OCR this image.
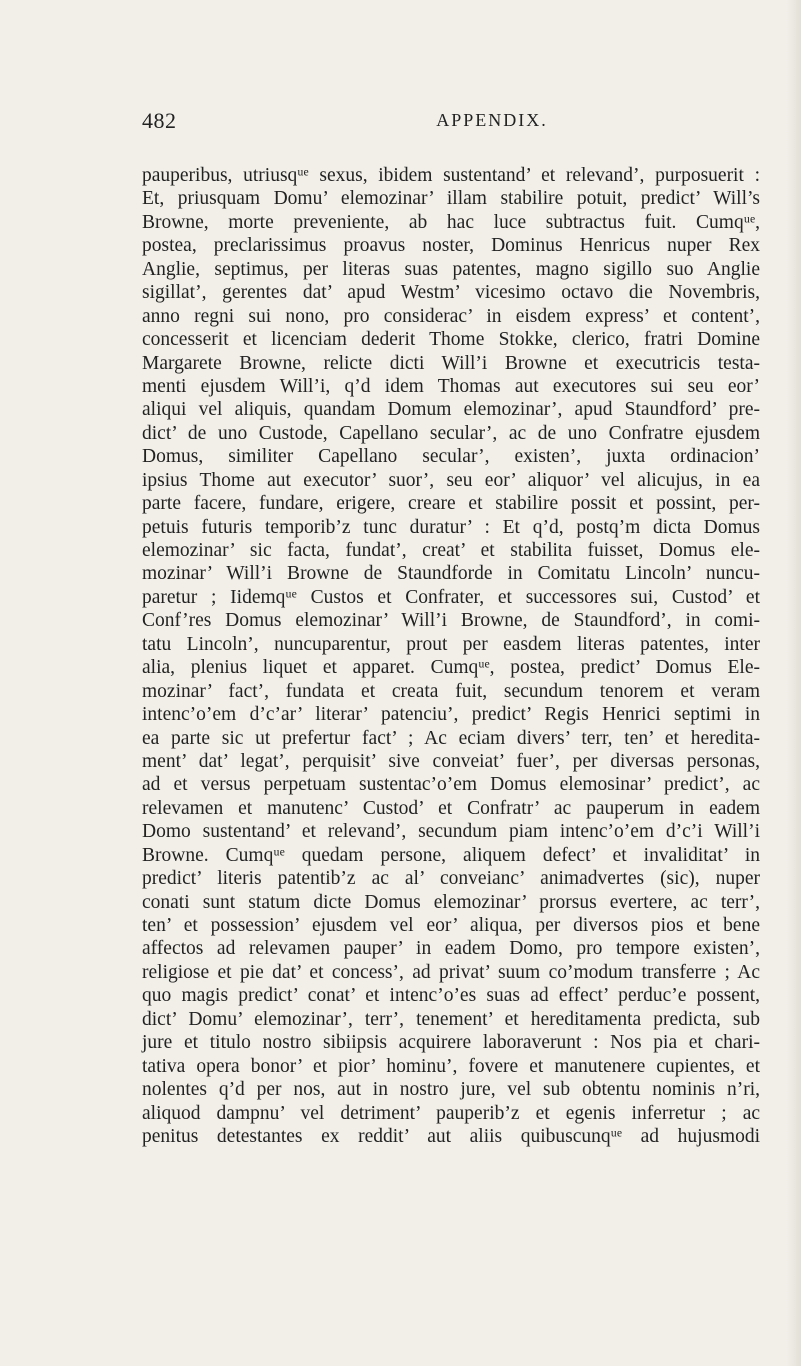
482	APPENDIX.
pauperibus, utriusqᵘᵉ sexus, ibidem sustentand’ et relevand’, purposuerit :
Et, priusquam Domu’ elemozinar’ illam stabilire potuit, predict’ Will’s
Browne, morte preveniente, ab hac luce subtractus fuit. Cumqᵘᵉ,
postea, preclarissimus proavus noster, Dominus Henricus nuper Rex
Anglie, septimus, per literas suas patentes, magno sigillo suo Anglie
sigillat’, gerentes dat’ apud Westm’ vicesimo octavo die Novembris,
anno regni sui nono, pro considerac’ in eisdem express’ et content’,
concesserit et licenciam dederit Thome Stokke, clerico, fratri Domine
Margarete Browne, relicte dicti Will’i Browne et executricis testa-
menti ejusdem Will’i, q’d idem Thomas aut executores sui seu eor’
aliqui vel aliquis, quandam Domum elemozinar’, apud Staundford’ pre-
dict’ de uno Custode, Capellano secular’, ac de uno Confratre ejusdem
Domus, similiter Capellano secular’, existen’, juxta ordinacion’
ipsius Thome aut executor’ suor’, seu eor’ aliquor’ vel alicujus, in ea
parte facere, fundare, erigere, creare et stabilire possit et possint, per-
petuis futuris temporib’z tunc duratur’ : Et q’d, postq’m dicta Domus
elemozinar’ sic facta, fundat’, creat’ et stabilita fuisset, Domus ele-
mozinar’ Will’i Browne de Staundforde in Comitatu Lincoln’ nuncu-
paretur ; Iidemqᵘᵉ Custos et Confrater, et successores sui, Custod’ et
Conf’res Domus elemozinar’ Will’i Browne, de Staundford’, in comi-
tatu Lincoln’, nuncuparentur, prout per easdem literas patentes, inter
alia, plenius liquet et apparet. Cumqᵘᵉ, postea, predict’ Domus Ele-
mozinar’ fact’, fundata et creata fuit, secundum tenorem et veram
intenc’o’em d’c’ar’ literar’ patenciu’, predict’ Regis Henrici septimi in
ea parte sic ut prefertur fact’ ; Ac eciam divers’ terr, ten’ et heredita-
ment’ dat’ legat’, perquisit’ sive conveiat’ fuer’, per diversas personas,
ad et versus perpetuam sustentac’o’em Domus elemosinar’ predict’, ac
relevamen et manutenc’ Custod’ et Confratr’ ac pauperum in eadem
Domo sustentand’ et relevand’, secundum piam intenc’o’em d’c’i Will’i
Browne. Cumqᵘᵉ quedam persone, aliquem defect’ et invaliditat’ in
predict’ literis patentib’z ac al’ conveianc’ animadvertes (sic), nuper
conati sunt statum dicte Domus elemozinar’ prorsus evertere, ac terr’,
ten’ et possession’ ejusdem vel eor’ aliqua, per diversos pios et bene
affectos ad relevamen pauper’ in eadem Domo, pro tempore existen’,
religiose et pie dat’ et concess’, ad privat’ suum co’modum transferre ; Ac
quo magis predict’ conat’ et intenc’o’es suas ad effect’ perduc’e possent,
dict’ Domu’ elemozinar’, terr’, tenement’ et hereditamenta predicta, sub
jure et titulo nostro sibiipsis acquirere laboraverunt : Nos pia et chari-
tativa opera bonor’ et pior’ hominu’, fovere et manutenere cupientes, et
nolentes q’d per nos, aut in nostro jure, vel sub obtentu nominis n’ri,
aliquod dampnu’ vel detriment’ pauperib’z et egenis inferretur ; ac
penitus detestantes ex reddit’ aut aliis quibuscunqᵘᵉ ad hujusmodi
